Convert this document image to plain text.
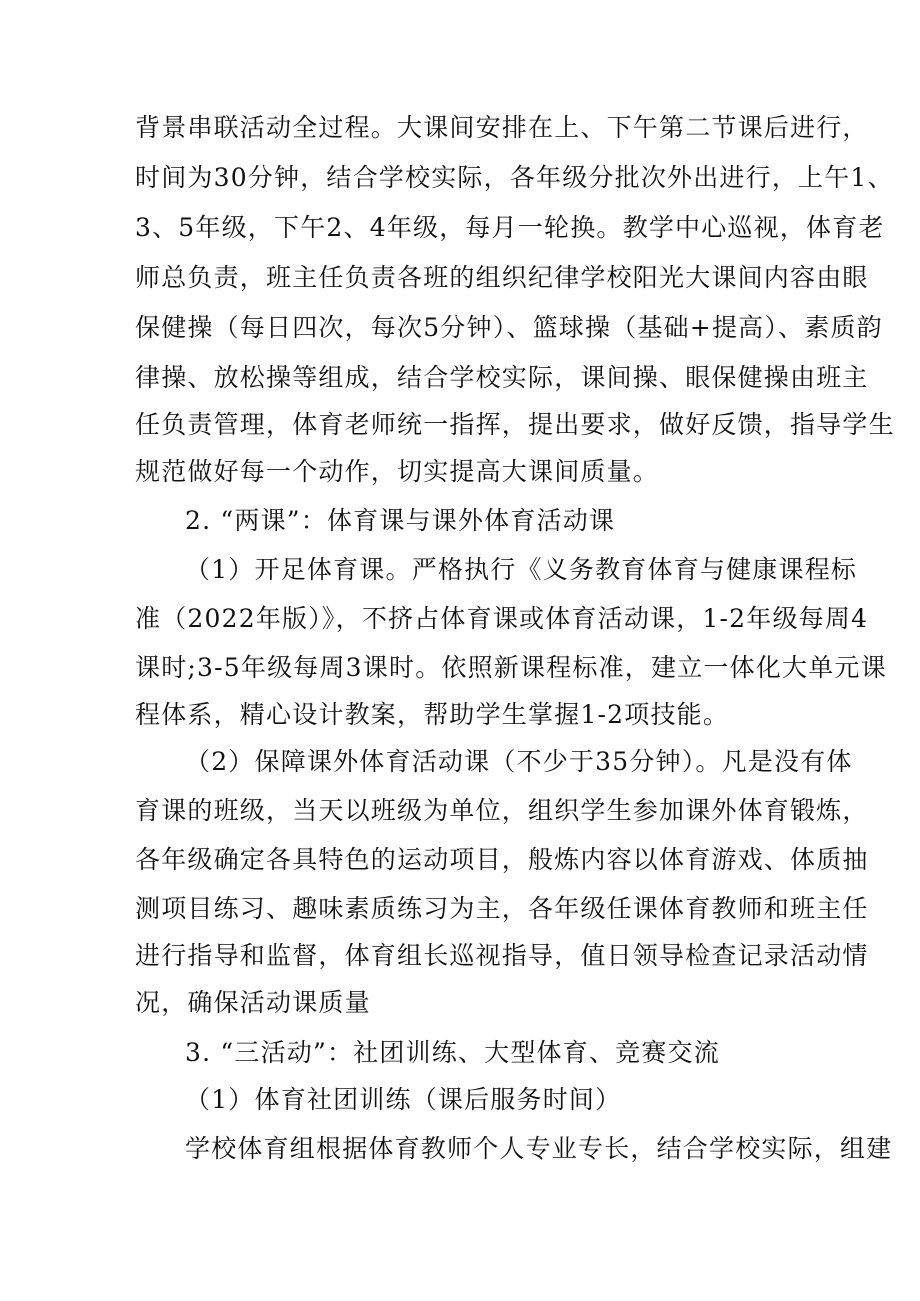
背景串联活动全过程。大课间安排在上、下午第二节课后进行，
时间为30分钟，结合学校实际，各年级分批次外出进行，上午1、
3、5年级，下午2、4年级，每月一轮换。教学中心巡视，体育老
师总负责，班主任负责各班的组织纪律学校阳光大课间内容由眼
保健操（每日四次，每次5分钟）、篮球操（基础+提高）、素质韵
律操、放松操等组成，结合学校实际，课间操、眼保健操由班主
任负责管理，体育老师统一指挥，提出要求，做好反馈，指导学生
规范做好每一个动作，切实提高大课间质量。
2. “两课”：体育课与课外体育活动课
（1）开足体育课。严格执行《义务教育体育与健康课程标
准（2022年版）》，不挤占体育课或体育活动课，1-2年级每周4
课时;3-5年级每周3课时。依照新课程标准，建立一体化大单元课
程体系，精心设计教案，帮助学生掌握1-2项技能。
（2）保障课外体育活动课（不少于35分钟）。凡是没有体
育课的班级，当天以班级为单位，组织学生参加课外体育锻炼，
各年级确定各具特色的运动项目，般炼内容以体育游戏、体质抽
测项目练习、趣味素质练习为主，各年级任课体育教师和班主任
进行指导和监督，体育组长巡视指导，值日领导检查记录活动情
况，确保活动课质量
3. “三活动”：社团训练、大型体育、竞赛交流
（1）体育社团训练（课后服务时间）
学校体育组根据体育教师个人专业专长，结合学校实际，组建
